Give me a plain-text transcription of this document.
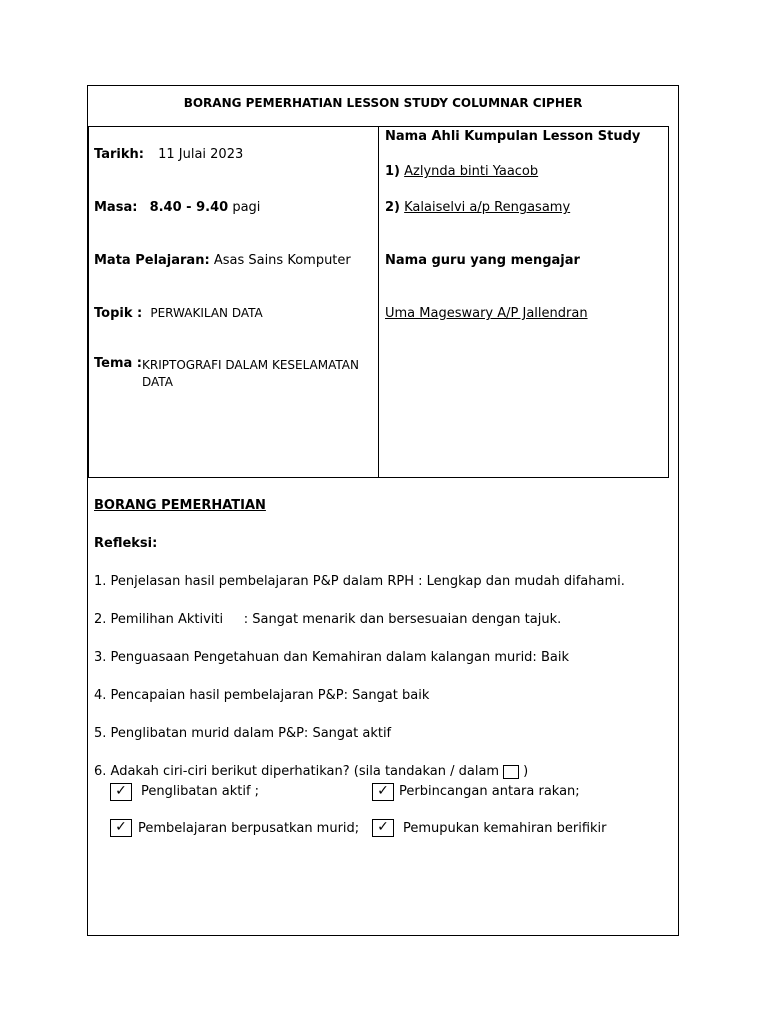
BORANG PEMERHATIAN LESSON STUDY COLUMNAR CIPHER
Tarikh: 11 Julai 2023
Masa: 8.40 - 9.40 pagi
Mata Pelajaran: Asas Sains Komputer
Topik : PERWAKILAN DATA
Tema : KRIPTOGRAFI DALAM KESELAMATAN DATA
Nama Ahli Kumpulan Lesson Study
1) Azlynda binti Yaacob
2) Kalaiselvi a/p Rengasamy
Nama guru yang mengajar
Uma Mageswary A/P Jallendran
BORANG PEMERHATIAN
Refleksi:
1. Penjelasan hasil pembelajaran P&P dalam RPH : Lengkap dan mudah difahami.
2. Pemilihan Aktiviti     : Sangat menarik dan bersesuaian dengan tajuk.
3. Penguasaan Pengetahuan dan Kemahiran dalam kalangan murid: Baik
4. Pencapaian hasil pembelajaran P&P: Sangat baik
5. Penglibatan murid dalam P&P: Sangat aktif
6. Adakah ciri-ciri berikut diperhatikan? (sila tandakan / dalam )
✓	Penglibatan aktif ;	✓ Perbincangan antara rakan;
✓ Pembelajaran berpusatkan murid;	✓	Pemupukan kemahiran berifikir
